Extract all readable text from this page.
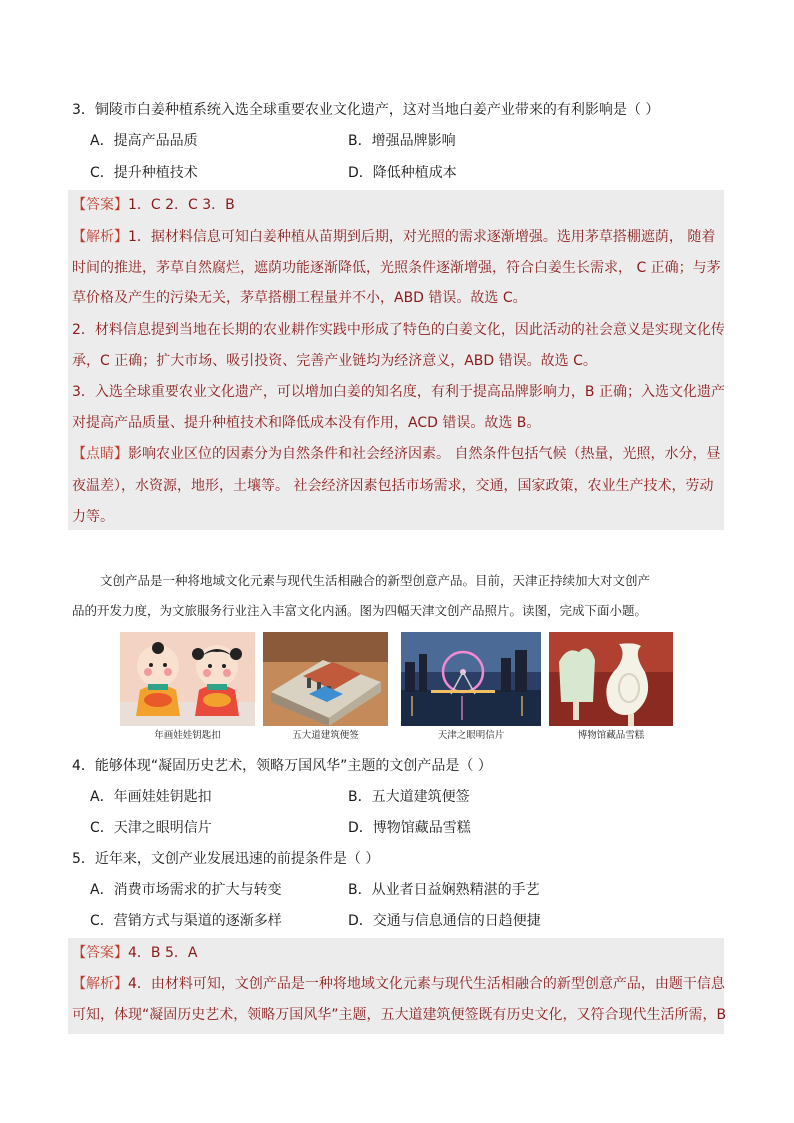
3．铜陵市白姜种植系统入选全球重要农业文化遗产，这对当地白姜产业带来的有利影响是（ ）
A．提高产品品质	B．增强品牌影响
C．提升种植技术	D．降低种植成本
【答案】1．C 2．C 3．B
【解析】1．据材料信息可知白姜种植从苗期到后期，对光照的需求逐渐增强。选用茅草搭棚遮荫， 随着
时间的推进，茅草自然腐烂，遮荫功能逐渐降低，光照条件逐渐增强，符合白姜生长需求， C 正确；与茅
草价格及产生的污染无关，茅草搭棚工程量并不小，ABD 错误。故选 C。
2．材料信息提到当地在长期的农业耕作实践中形成了特色的白姜文化，因此活动的社会意义是实现文化传
承，C 正确；扩大市场、吸引投资、完善产业链均为经济意义，ABD 错误。故选 C。
3．入选全球重要农业文化遗产，可以增加白姜的知名度，有利于提高品牌影响力，B 正确；入选文化遗产
对提高产品质量、提升种植技术和降低成本没有作用，ACD 错误。故选 B。
【点睛】影响农业区位的因素分为自然条件和社会经济因素。 自然条件包括气候（热量，光照，水分，昼
夜温差），水资源，地形，土壤等。 社会经济因素包括市场需求，交通，国家政策，农业生产技术，劳动
力等。
文创产品是一种将地域文化元素与现代生活相融合的新型创意产品。目前，天津正持续加大对文创产
品的开发力度，为文旅服务行业注入丰富文化内涵。图为四幅天津文创产品照片。读图，完成下面小题。
年画娃娃钥匙扣	五大道建筑便签	天津之眼明信片	博物馆藏品雪糕
4．能够体现“凝固历史艺术，领略万国风华”主题的文创产品是（ ）
A．年画娃娃钥匙扣	B．五大道建筑便签
C．天津之眼明信片	D．博物馆藏品雪糕
5．近年来，文创产业发展迅速的前提条件是（ ）
A．消费市场需求的扩大与转变	B．从业者日益娴熟精湛的手艺
C．营销方式与渠道的逐渐多样	D．交通与信息通信的日趋便捷
【答案】4．B 5．A
【解析】4．由材料可知，文创产品是一种将地域文化元素与现代生活相融合的新型创意产品，由题干信息
可知，体现“凝固历史艺术，领略万国风华”主题，五大道建筑便签既有历史文化，又符合现代生活所需，B
